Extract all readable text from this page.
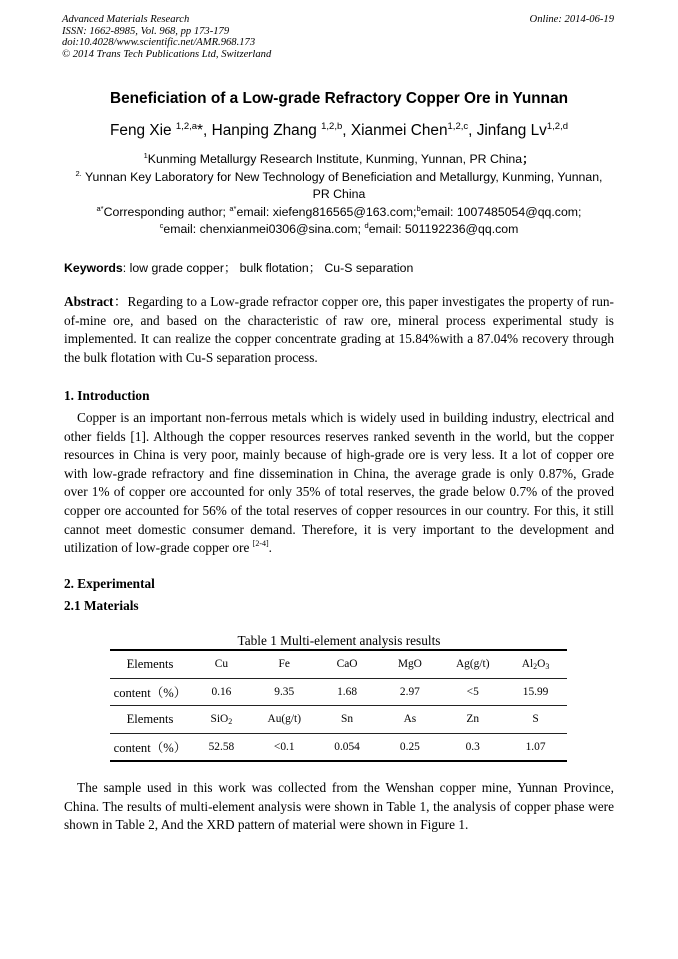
Advanced Materials Research
ISSN: 1662-8985, Vol. 968, pp 173-179
doi:10.4028/www.scientific.net/AMR.968.173
© 2014 Trans Tech Publications Ltd, Switzerland
Online: 2014-06-19
Beneficiation of a Low-grade Refractory Copper Ore in Yunnan
Feng Xie $^{1,2,a}$*, Hanping Zhang $^{1,2,b}$, Xianmei Chen$^{1,2,c}$, Jinfang Lv$^{1,2,d}$
$^1$Kunming Metallurgy Research Institute, Kunming, Yunnan, PR China；
$^{2.}$ Yunnan Key Laboratory for New Technology of Beneficiation and Metallurgy, Kunming, Yunnan,
PR China
$^{a*}$Corresponding author; $^{a*}$email: xiefeng816565@163.com;$^b$email: 1007485054@qq.com;
$^c$email: chenxianmei0306@sina.com; $^d$email: 501192236@qq.com
Keywords: low grade copper； bulk flotation； Cu-S separation
Abstract：Regarding to a Low-grade refractor copper ore, this paper investigates the property of run-of-mine ore, and based on the characteristic of raw ore, mineral process experimental study is implemented. It can realize the copper concentrate grading at 15.84%with a 87.04% recovery through the bulk flotation with Cu-S separation process.
1. Introduction
Copper is an important non-ferrous metals which is widely used in building industry, electrical and other fields [1]. Although the copper resources reserves ranked seventh in the world, but the copper resources in China is very poor, mainly because of high-grade ore is very less. It a lot of copper ore with low-grade refractory and fine dissemination in China, the average grade is only 0.87%, Grade over 1% of copper ore accounted for only 35% of total reserves, the grade below 0.7% of the proved copper ore accounted for 56% of the total reserves of copper resources in our country. For this, it still cannot meet domestic consumer demand. Therefore, it is very important to the development and utilization of low-grade copper ore [2-4].
2. Experimental
2.1 Materials
Table 1 Multi-element analysis results
Elements	Cu	Fe	CaO	MgO	Ag(g/t)	$Al_2O_3$
content（%）	0.16	9.35	1.68	2.97	<5	15.99
Elements	SiO$_2$	Au(g/t)	Sn	As	Zn	S
content（%）	52.58	<0.1	0.054	0.25	0.3	1.07
The sample used in this work was collected from the Wenshan copper mine, Yunnan Province, China. The results of multi-element analysis were shown in Table 1, the analysis of copper phase were shown in Table 2, And the XRD pattern of material were shown in Figure 1.
